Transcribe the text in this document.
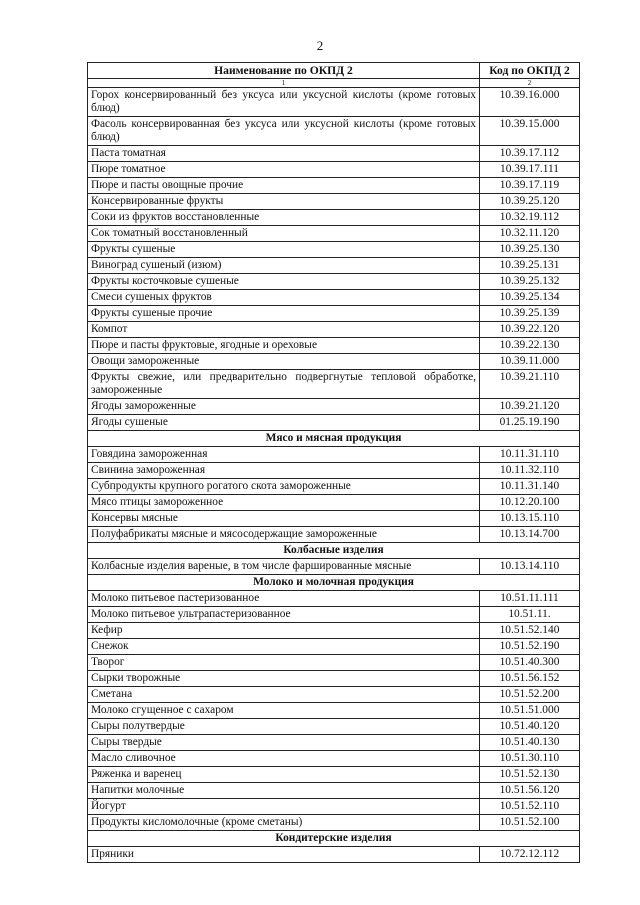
2
Наименование по ОКПД 2	Код по ОКПД 2
1	2
Горох консервированный без уксуса или уксусной кислоты (кроме готовых блюд)	10.39.16.000
Фасоль консервированная без уксуса или уксусной кислоты (кроме готовых блюд)	10.39.15.000
Паста томатная	10.39.17.112
Пюре томатное	10.39.17.111
Пюре и пасты овощные прочие	10.39.17.119
Консервированные фрукты	10.39.25.120
Соки из фруктов восстановленные	10.32.19.112
Сок томатный восстановленный	10.32.11.120
Фрукты сушеные	10.39.25.130
Виноград сушеный (изюм)	10.39.25.131
Фрукты косточковые сушеные	10.39.25.132
Смеси сушеных фруктов	10.39.25.134
Фрукты сушеные прочие	10.39.25.139
Компот	10.39.22.120
Пюре и пасты фруктовые, ягодные и ореховые	10.39.22.130
Овощи замороженные	10.39.11.000
Фрукты свежие, или предварительно подвергнутые тепловой обработке, замороженные	10.39.21.110
Ягоды замороженные	10.39.21.120
Ягоды сушеные	01.25.19.190
Мясо и мясная продукция	
Говядина замороженная	10.11.31.110
Свинина замороженная	10.11.32.110
Субпродукты крупного рогатого скота замороженные	10.11.31.140
Мясо птицы замороженное	10.12.20.100
Консервы мясные	10.13.15.110
Полуфабрикаты мясные и мясосодержащие замороженные	10.13.14.700
Колбасные изделия	
Колбасные изделия вареные, в том числе фаршированные мясные	10.13.14.110
Молоко и молочная продукция	
Молоко питьевое пастеризованное	10.51.11.111
Молоко питьевое ультрапастеризованное	10.51.11.
Кефир	10.51.52.140
Снежок	10.51.52.190
Творог	10.51.40.300
Сырки творожные	10.51.56.152
Сметана	10.51.52.200
Молоко сгущенное с сахаром	10.51.51.000
Сыры полутвердые	10.51.40.120
Сыры твердые	10.51.40.130
Масло сливочное	10.51.30.110
Ряженка и варенец	10.51.52.130
Напитки молочные	10.51.56.120
Йогурт	10.51.52.110
Продукты кисломолочные (кроме сметаны)	10.51.52.100
Кондитерские изделия	
Пряники	10.72.12.112
